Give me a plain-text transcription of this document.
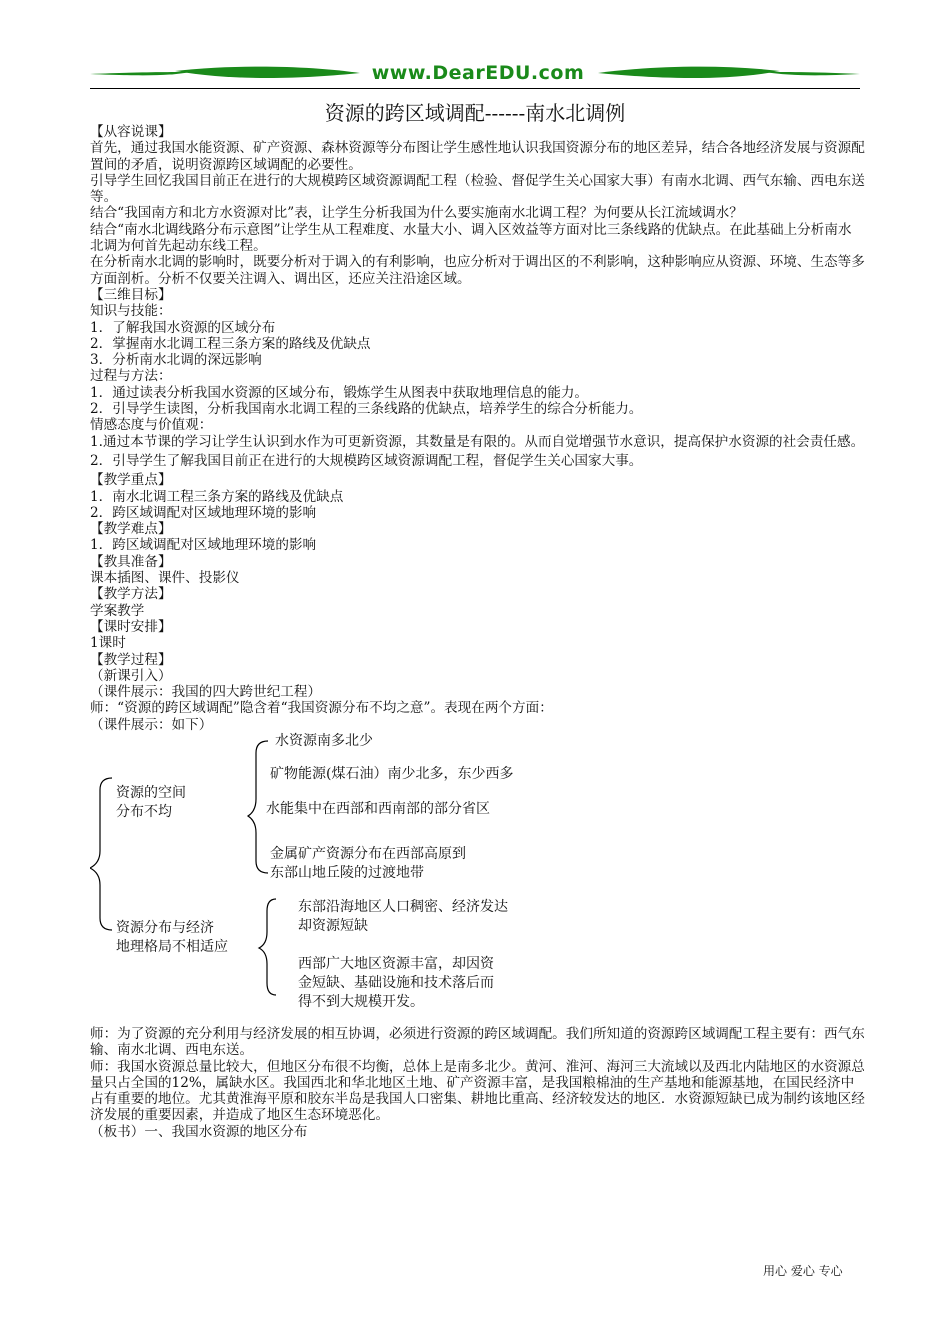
www.DearEDU.com
资源的跨区域调配------南水北调例

【从容说课】

首先，通过我国水能资源、矿产资源、森林资源等分布图让学生感性地认识我国资源分布的地区差异，结合各地经济发展与资源配置间的矛盾，说明资源跨区域调配的必要性。

引导学生回忆我国目前正在进行的大规模跨区域资源调配工程（检验、督促学生关心国家大事）有南水北调、西气东输、西电东送等。

结合“我国南方和北方水资源对比”表，让学生分析我国为什么要实施南水北调工程？为何要从长江流域调水？

结合“南水北调线路分布示意图”让学生从工程难度、水量大小、调入区效益等方面对比三条线路的优缺点。在此基础上分析南水北调为何首先起动东线工程。

在分析南水北调的影响时，既要分析对于调入的有利影响，也应分析对于调出区的不利影响，这种影响应从资源、环境、生态等多方面剖析。分析不仅要关注调入、调出区，还应关注沿途区域。

【三维目标】

知识与技能：

1．了解我国水资源的区域分布

2．掌握南水北调工程三条方案的路线及优缺点

3．分析南水北调的深远影响

过程与方法：

1．通过读表分析我国水资源的区域分布，锻炼学生从图表中获取地理信息的能力。

2．引导学生读图，分析我国南水北调工程的三条线路的优缺点，培养学生的综合分析能力。

情感态度与价值观：

1.通过本节课的学习让学生认识到水作为可更新资源，其数量是有限的。从而自觉增强节水意识，提高保护水资源的社会责任感。

2．引导学生了解我国目前正在进行的大规模跨区域资源调配工程，督促学生关心国家大事。

【教学重点】

1．南水北调工程三条方案的路线及优缺点

2．跨区域调配对区域地理环境的影响

【教学难点】

1．跨区域调配对区域地理环境的影响

【教具准备】

课本插图、课件、投影仪

【教学方法】

学案教学

【课时安排】

1课时

【教学过程】

（新课引入）

（课件展示：我国的四大跨世纪工程）

师：“资源的跨区域调配”隐含着“我国资源分布不均之意”。表现在两个方面：

（课件展示：如下）

资源的空间
分布不均
水资源南多北少
矿物能源(煤石油）南少北多，东少西多
水能集中在西部和西南部的部分省区
金属矿产资源分布在西部高原到
东部山地丘陵的过渡地带
资源分布与经济
地理格局不相适应
东部沿海地区人口稠密、经济发达
却资源短缺
西部广大地区资源丰富，却因资
金短缺、基础设施和技术落后而
得不到大规模开发。

师：为了资源的充分利用与经济发展的相互协调，必须进行资源的跨区域调配。我们所知道的资源跨区域调配工程主要有：西气东输、南水北调、西电东送。

师：我国水资源总量比较大，但地区分布很不均衡，总体上是南多北少。黄河、淮河、海河三大流域以及西北内陆地区的水资源总量只占全国的12%，属缺水区。我国西北和华北地区土地、矿产资源丰富，是我国粮棉油的生产基地和能源基地，在国民经济中占有重要的地位。尤其黄淮海平原和胶东半岛是我国人口密集、耕地比重高、经济较发达的地区．水资源短缺已成为制约该地区经济发展的重要因素，并造成了地区生态环境恶化。

（板书）一、我国水资源的地区分布

用心 爱心 专心
